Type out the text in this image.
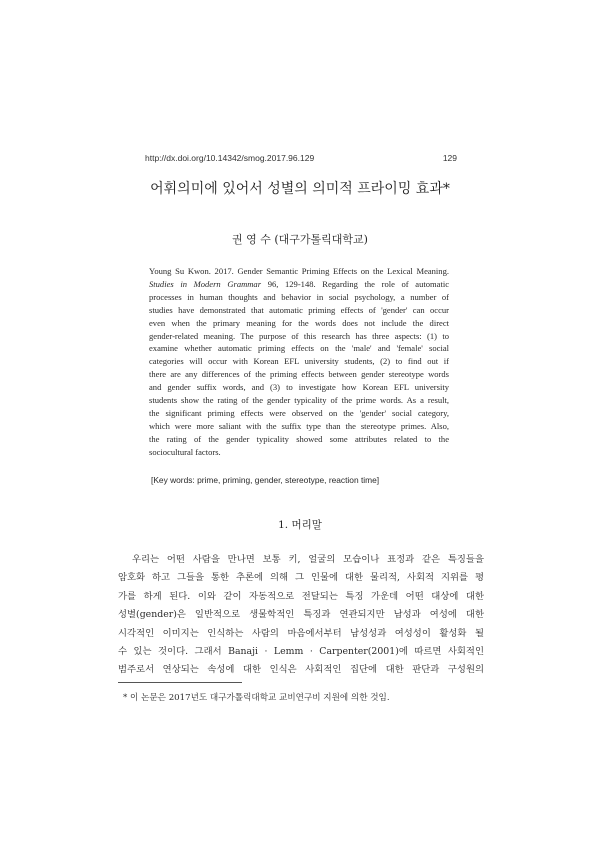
http://dx.doi.org/10.14342/smog.2017.96.129	129
어휘의미에 있어서 성별의 의미적 프라이밍 효과*
권 영 수 (대구가톨릭대학교)
Young Su Kwon. 2017. Gender Semantic Priming Effects on the Lexical Meaning.
Studies in Modern Grammar 96, 129-148. Regarding the role of automatic
processes in human thoughts and behavior in social psychology, a number of
studies have demonstrated that automatic priming effects of 'gender' can occur
even when the primary meaning for the words does not include the direct
gender-related meaning. The purpose of this research has three aspects: (1) to
examine whether automatic priming effects on the 'male' and 'female' social
categories will occur with Korean EFL university students, (2) to find out if
there are any differences of the priming effects between gender stereotype words
and gender suffix words, and (3) to investigate how Korean EFL university
students show the rating of the gender typicality of the prime words. As a result,
the significant priming effects were observed on the 'gender' social category,
which were more saliant with the suffix type than the stereotype primes. Also,
the rating of the gender typicality showed some attributes related to the
sociocultural factors.
[Key words: prime, priming, gender, stereotype, reaction time]
1. 머리말
우리는 어떤 사람을 만나면 보통 키, 얼굴의 모습이나 표정과 같은 특징들을
암호화 하고 그들을 통한 추론에 의해 그 인물에 대한 물리적, 사회적 지위를 평
가를 하게 된다. 이와 같이 자동적으로 전달되는 특징 가운데 어떤 대상에 대한
성별(gender)은 일반적으로 생물학적인 특징과 연관되지만 남성과 여성에 대한
시각적인 이미지는 인식하는 사람의 마음에서부터 남성성과 여성성이 활성화 될
수 있는 것이다. 그래서 Banaji · Lemm · Carpenter(2001)에 따르면 사회적인
범주로서 연상되는 속성에 대한 인식은 사회적인 집단에 대한 판단과 구성원의
* 이 논문은 2017년도 대구가톨릭대학교 교비연구비 지원에 의한 것임.
